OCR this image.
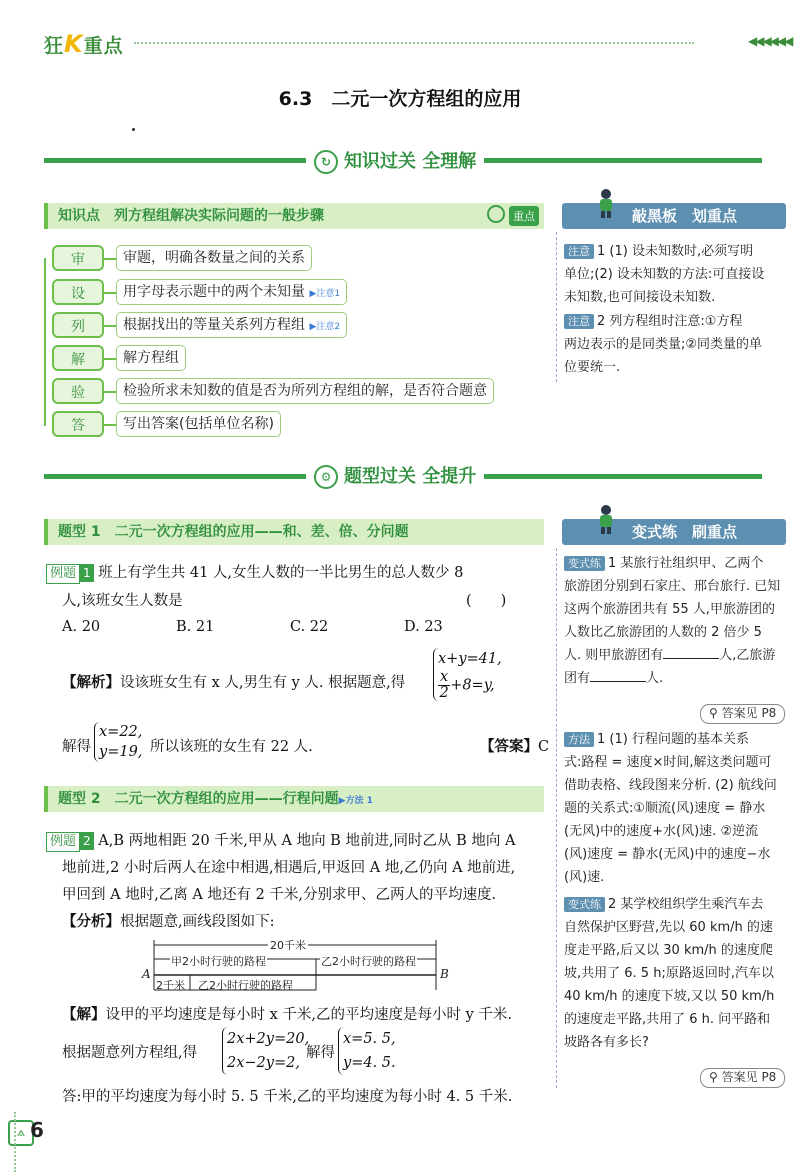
狂K重点	◀◀◀◀◀◀
6.3　二元一次方程组的应用
↻ 知识过关 全理解
知识点　列方程组解决实际问题的一般步骤	重点
审	审题，明确各数量之间的关系
设	用字母表示题中的两个未知量 ▶注意1
列	根据找出的等量关系列方程组 ▶注意2
解	解方程组
验	检验所求未知数的值是否为所列方程组的解，是否符合题意
答	写出答案(包括单位名称)
敲黑板　划重点
注意 1 (1) 设未知数时,必须写明
单位;(2) 设未知数的方法:可直接设
未知数,也可间接设未知数.
注意 2 列方程组时注意:①方程
两边表示的是同类量;②同类量的单
位要统一.
⚙ 题型过关 全提升
题型 1　二元一次方程组的应用——和、差、倍、分问题
例题 1 班上有学生共 41 人,女生人数的一半比男生的总人数少 8
人,该班女生人数是	(　　)
A. 20	B. 21	C. 22	D. 23
【解析】设该班女生有 x 人,男生有 y 人. 根据题意,得
x+y=41,
$\frac{x}{2} +8=y$,
解得
x=22,
y=19, 所以该班的女生有 22 人.	【答案】C
题型 2　二元一次方程组的应用——行程问题▶方法 1
例题 2 A,B 两地相距 20 千米,甲从 A 地向 B 地前进,同时乙从 B 地向 A
地前进,2 小时后两人在途中相遇,相遇后,甲返回 A 地,乙仍向 A 地前进,
甲回到 A 地时,乙离 A 地还有 2 千米,分别求甲、乙两人的平均速度.
【分析】根据题意,画线段图如下:
20千米
甲2小时行驶的路程	乙2小时行驶的路程
2千米 乙2小时行驶的路程
A	B
【解】设甲的平均速度是每小时 x 千米,乙的平均速度是每小时 y 千米.
根据题意列方程组,得
2x+2y=20,
2x−2y=2,
解得
x=5. 5,
y=4. 5.
答:甲的平均速度为每小时 5. 5 千米,乙的平均速度为每小时 4. 5 千米.
变式练　刷重点
变式练 1 某旅行社组织甲、乙两个
旅游团分别到石家庄、邢台旅行. 已知
这两个旅游团共有 55 人,甲旅游团的
人数比乙旅游团的人数的 2 倍少 5
人. 则甲旅游团有	人,乙旅游
团有	人.
⚲ 答案见 P8
方法 1 (1) 行程问题的基本关系
式:路程 = 速度×时间,解这类问题可
借助表格、线段图来分析. (2) 航线问
题的关系式:①顺流(风)速度 = 静水
(无风)中的速度+水(风)速. ②逆流
(风)速度 = 静水(无风)中的速度−水
(风)速.
变式练 2 某学校组织学生乘汽车去
自然保护区野营,先以 60 km/h 的速
度走平路,后又以 30 km/h 的速度爬
坡,共用了 6. 5 h;原路返回时,汽车以
40 km/h 的速度下坡,又以 50 km/h
的速度走平路,共用了 6 h. 问平路和
坡路各有多长?
⚲ 答案见 P8
⟑ 6
